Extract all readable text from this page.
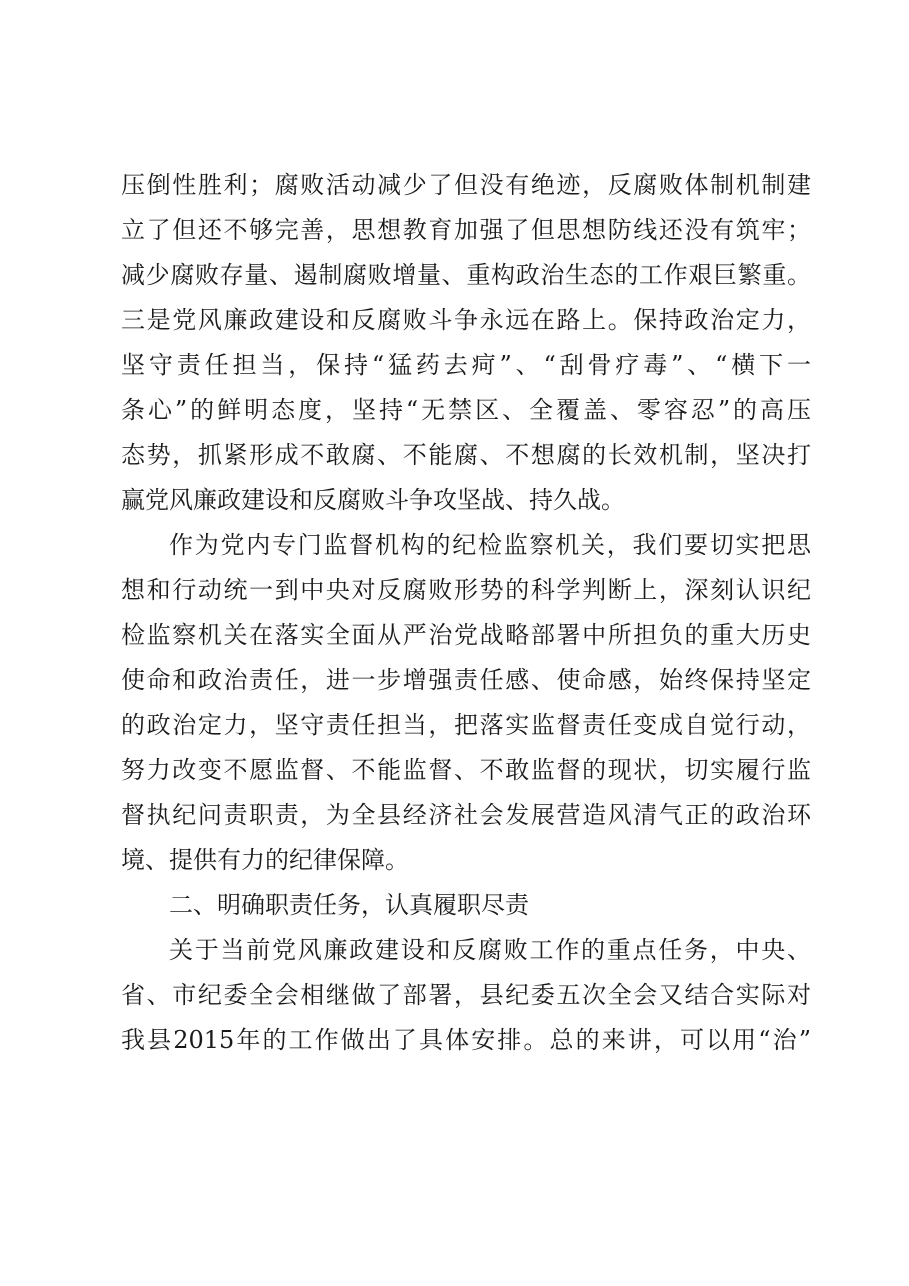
压倒性胜利；腐败活动减少了但没有绝迹，反腐败体制机制建
立了但还不够完善，思想教育加强了但思想防线还没有筑牢；
减少腐败存量、遏制腐败增量、重构政治生态的工作艰巨繁重。
三是党风廉政建设和反腐败斗争永远在路上。保持政治定力，
坚守责任担当，保持“猛药去疴”、“刮骨疗毒”、“横下一
条心”的鲜明态度，坚持“无禁区、全覆盖、零容忍”的高压
态势，抓紧形成不敢腐、不能腐、不想腐的长效机制，坚决打
赢党风廉政建设和反腐败斗争攻坚战、持久战。
作为党内专门监督机构的纪检监察机关，我们要切实把思
想和行动统一到中央对反腐败形势的科学判断上，深刻认识纪
检监察机关在落实全面从严治党战略部署中所担负的重大历史
使命和政治责任，进一步增强责任感、使命感，始终保持坚定
的政治定力，坚守责任担当，把落实监督责任变成自觉行动，
努力改变不愿监督、不能监督、不敢监督的现状，切实履行监
督执纪问责职责，为全县经济社会发展营造风清气正的政治环
境、提供有力的纪律保障。
二、明确职责任务，认真履职尽责
关于当前党风廉政建设和反腐败工作的重点任务，中央、
省、市纪委全会相继做了部署，县纪委五次全会又结合实际对
我县2015年的工作做出了具体安排。总的来讲，可以用“治”
